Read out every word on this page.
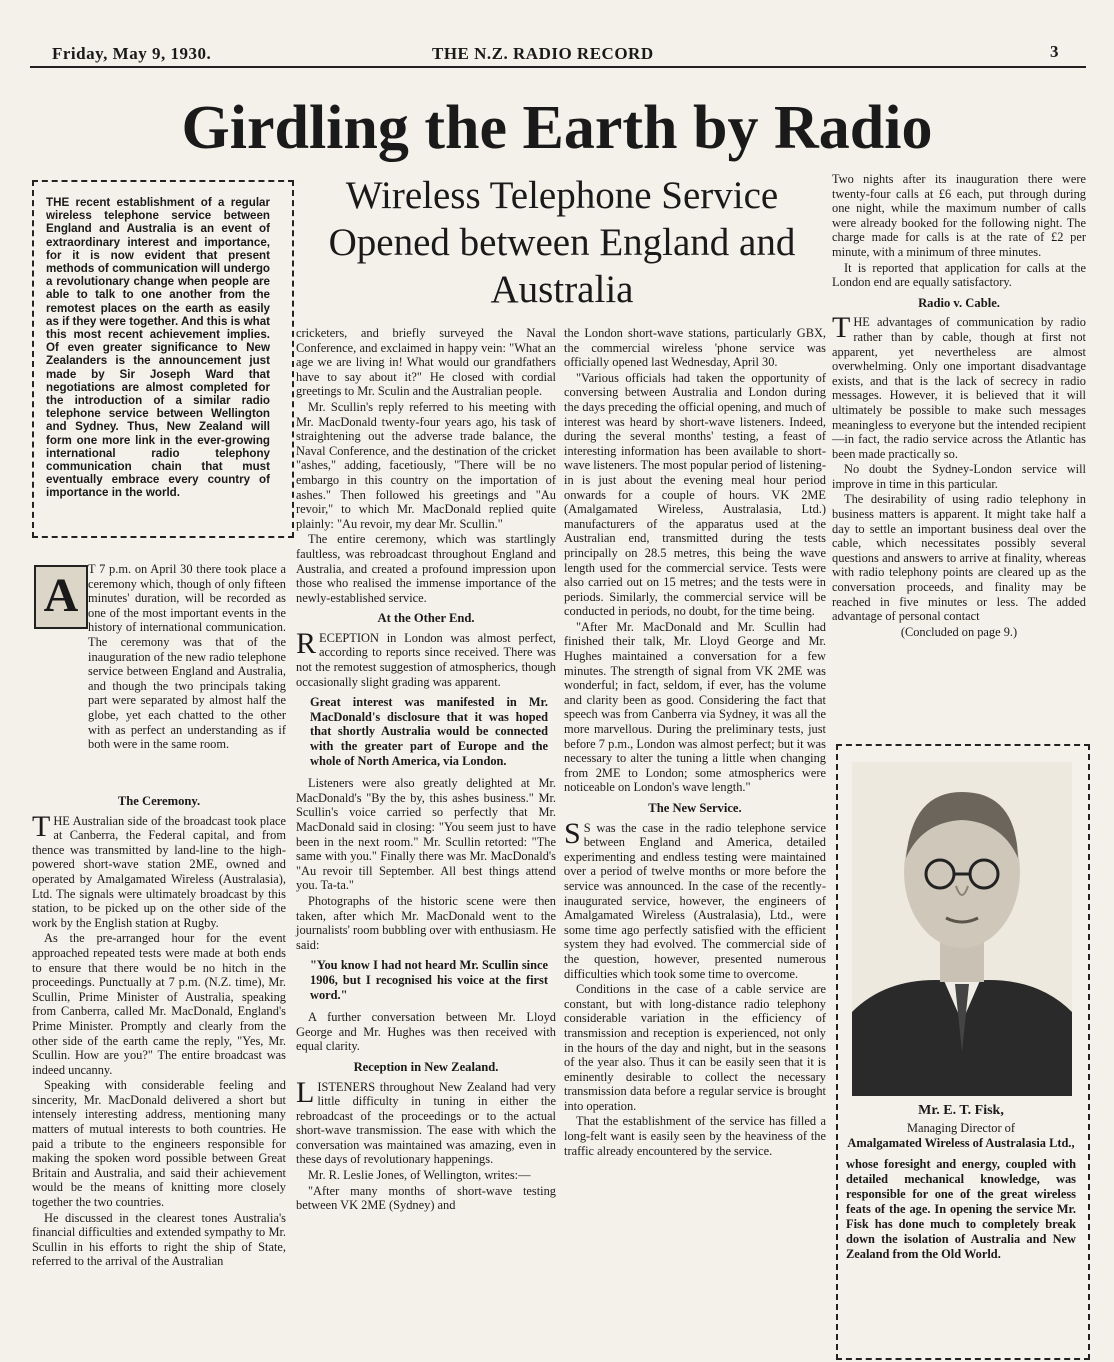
Friday, May 9, 1930.	THE N.Z. RADIO RECORD	3
Girdling the Earth by Radio
THE recent establishment of a regular wireless telephone service between England and Australia is an event of extraordinary interest and importance, for it is now evident that present methods of communication will undergo a revolutionary change when people are able to talk to one another from the remotest places on the earth as easily as if they were together. And this is what this most recent achievement implies. Of even greater significance to New Zealanders is the announcement just made by Sir Joseph Ward that negotiations are almost completed for the introduction of a similar radio telephone service between Wellington and Sydney. Thus, New Zealand will form one more link in the ever-growing international radio telephony communication chain that must eventually embrace every country of importance in the world.
Wireless Telephone Service Opened between England and Australia
A T 7 p.m. on April 30 there took place a ceremony which, though of only fifteen minutes' duration, will be recorded as one of the most important events in the history of international communication. The ceremony was that of the inauguration of the new radio telephone service between England and Australia, and though the two principals taking part were separated by almost half the globe, yet each chatted to the other with as perfect an understanding as if both were in the same room.

The Ceremony.

THE Australian side of the broadcast took place at Canberra, the Federal capital, and from thence was transmitted by land-line to the high-powered short-wave station 2ME, owned and operated by Amalgamated Wireless (Australasia), Ltd. The signals were ultimately broadcast by this station, to be picked up on the other side of the work by the English station at Rugby.

As the pre-arranged hour for the event approached repeated tests were made at both ends to ensure that there would be no hitch in the proceedings. Punctually at 7 p.m. (N.Z. time), Mr. Scullin, Prime Minister of Australia, speaking from Canberra, called Mr. MacDonald, England's Prime Minister. Promptly and clearly from the other side of the earth came the reply, "Yes, Mr. Scullin. How are you?" The entire broadcast was indeed uncanny.

Speaking with considerable feeling and sincerity, Mr. MacDonald delivered a short but intensely interesting address, mentioning many matters of mutual interests to both countries. He paid a tribute to the engineers responsible for making the spoken word possible between Great Britain and Australia, and said their achievement would be the means of knitting more closely together the two countries.

He discussed in the clearest tones Australia's financial difficulties and extended sympathy to Mr. Scullin in his efforts to right the ship of State, referred to the arrival of the Australian

cricketers, and briefly surveyed the Naval Conference, and exclaimed in happy vein: "What an age we are living in! What would our grandfathers have to say about it?" He closed with cordial greetings to Mr. Sculin and the Australian people.

Mr. Scullin's reply referred to his meeting with Mr. MacDonald twenty-four years ago, his task of straightening out the adverse trade balance, the Naval Conference, and the destination of the cricket "ashes," adding, facetiously, "There will be no embargo in this country on the importation of ashes." Then followed his greetings and "Au revoir," to which Mr. MacDonald replied quite plainly: "Au revoir, my dear Mr. Scullin."

The entire ceremony, which was startlingly faultless, was rebroadcast throughout England and Australia, and created a profound impression upon those who realised the immense importance of the newly-established service.

At the Other End.

RECEPTION in London was almost perfect, according to reports since received. There was not the remotest suggestion of atmospherics, though occasionally slight grading was apparent.

Great interest was manifested in Mr. MacDonald's disclosure that it was hoped that shortly Australia would be connected with the greater part of Europe and the whole of North America, via London.

Listeners were also greatly delighted at Mr. MacDonald's "By the by, this ashes business." Mr. Scullin's voice carried so perfectly that Mr. MacDonald said in closing: "You seem just to have been in the next room." Mr. Scullin retorted: "The same with you." Finally there was Mr. MacDonald's "Au revoir till September. All best things attend you. Ta-ta."

Photographs of the historic scene were then taken, after which Mr. MacDonald went to the journalists' room bubbling over with enthusiasm. He said:

"You know I had not heard Mr. Scullin since 1906, but I recognised his voice at the first word."

A further conversation between Mr. Lloyd George and Mr. Hughes was then received with equal clarity.

Reception in New Zealand.

LISTENERS throughout New Zealand had very little difficulty in tuning in either the rebroadcast of the proceedings or to the actual short-wave transmission. The ease with which the conversation was maintained was amazing, even in these days of revolutionary happenings.

Mr. R. Leslie Jones, of Wellington, writes:—

"After many months of short-wave testing between VK 2ME (Sydney) and

the London short-wave stations, particularly GBX, the commercial wireless 'phone service was officially opened last Wednesday, April 30.

"Various officials had taken the opportunity of conversing between Australia and London during the days preceding the official opening, and much of interest was heard by short-wave listeners. Indeed, during the several months' testing, a feast of interesting information has been available to short-wave listeners. The most popular period of listening-in is just about the evening meal hour period onwards for a couple of hours. VK 2ME (Amalgamated Wireless, Australasia, Ltd.) manufacturers of the apparatus used at the Australian end, transmitted during the tests principally on 28.5 metres, this being the wave length used for the commercial service. Tests were also carried out on 15 metres; and the tests were in periods. Similarly, the commercial service will be conducted in periods, no doubt, for the time being.

"After Mr. MacDonald and Mr. Scullin had finished their talk, Mr. Lloyd George and Mr. Hughes maintained a conversation for a few minutes. The strength of signal from VK 2ME was wonderful; in fact, seldom, if ever, has the volume and clarity been as good. Considering the fact that speech was from Canberra via Sydney, it was all the more marvellous. During the preliminary tests, just before 7 p.m., London was almost perfect; but it was necessary to alter the tuning a little when changing from 2ME to London; some atmospherics were noticeable on London's wave length."

The New Service.

S S was the case in the radio telephone service between England and America, detailed experimenting and endless testing were maintained over a period of twelve months or more before the service was announced. In the case of the recently-inaugurated service, however, the engineers of Amalgamated Wireless (Australasia), Ltd., were some time ago perfectly satisfied with the efficient system they had evolved. The commercial side of the question, however, presented numerous difficulties which took some time to overcome.

Conditions in the case of a cable service are constant, but with long-distance radio telephony considerable variation in the efficiency of transmission and reception is experienced, not only in the hours of the day and night, but in the seasons of the year also. Thus it can be easily seen that it is eminently desirable to collect the necessary transmission data before a regular service is brought into operation.

That the establishment of the service has filled a long-felt want is easily seen by the heaviness of the traffic already encountered by the service.

Two nights after its inauguration there were twenty-four calls at £6 each, put through during one night, while the maximum number of calls were already booked for the following night. The charge made for calls is at the rate of £2 per minute, with a minimum of three minutes.

It is reported that application for calls at the London end are equally satisfactory.

Radio v. Cable.

THE advantages of communication by radio rather than by cable, though at first not apparent, yet nevertheless are almost overwhelming. Only one important disadvantage exists, and that is the lack of secrecy in radio messages. However, it is believed that it will ultimately be possible to make such messages meaningless to everyone but the intended recipient—in fact, the radio service across the Atlantic has been made practically so.

No doubt the Sydney-London service will improve in time in this particular.

The desirability of using radio telephony in business matters is apparent. It might take half a day to settle an important business deal over the cable, which necessitates possibly several questions and answers to arrive at finality, whereas with radio telephony points are cleared up as the conversation proceeds, and finality may be reached in five minutes or less. The added advantage of personal contact

(Concluded on page 9.)

Mr. E. T. Fisk,
Managing Director of
Amalgamated Wireless of Australasia Ltd.,
whose foresight and energy, coupled with detailed mechanical knowledge, was responsible for one of the great wireless feats of the age. In opening the service Mr. Fisk has done much to completely break down the isolation of Australia and New Zealand from the Old World.
